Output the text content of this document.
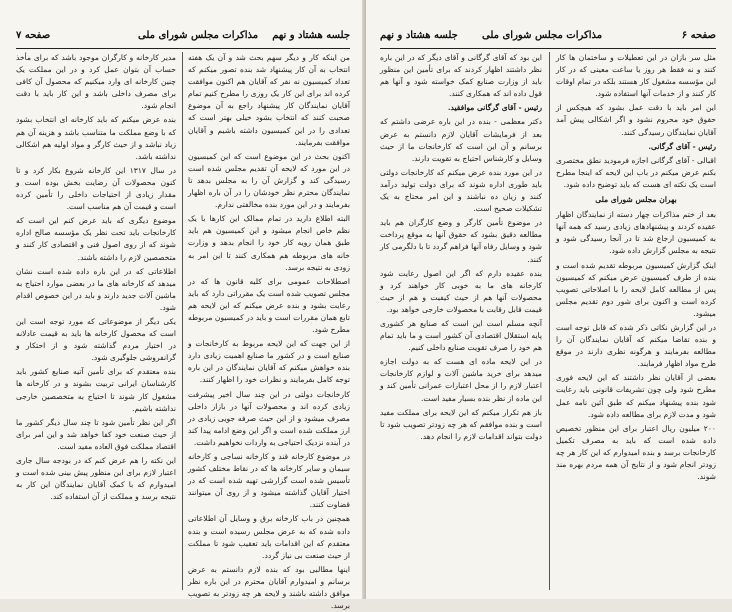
صفحه ۷	مذاکرات مجلس شورای ملی جلسه هشتاد و نهم

من اینکه کار و دیگر سهم بحث شد و آن یک هفته انتخاب به آن کار پیشنهاد شد بنده تصور میکنم که تعداد کمیسیون نه نفر که آقایان هم اکنون موافقت کرده اند برای این کار یک روزی را مطرح کنیم تمام آقایان نمایندگان کار پیشنهاد راجع به آن موضوع صحبت کنند که انتخاب بشود خیلی بهتر است که تعدادی را در این کمیسیون داشته باشیم و آقایان موافقت بفرمایند.

اکنون بحث در این موضوع است که این کمیسیون در این مورد که لایحه آن تقدیم مجلس شده است رسیدگی کند و گزارش آن را به مجلس بدهد تا نمایندگان محترم نظر خودشان را در آن باره اظهار بفرمایند و در این مورد بنده مخالفتی ندارم.

البته اطلاع دارید در تمام ممالک این کارها با یک نظم خاص انجام میشود و این کمیسیون هم باید طبق همان رویه کار خود را انجام بدهد و وزارت خانه های مربوطه هم همکاری کنند تا این امر به زودی به نتیجه برسد.

اصطلاحات عمومی برای کلیه قانون ها که در مجلس تصویب شده است یک مقرراتی دارد که باید رعایت بشود و بنده عرض میکنم که این لایحه هم تابع همان مقررات است و باید در کمیسیون مربوطه مطرح شود.

از این جهت که این لایحه مربوط به کارخانجات و صنایع است و در کشور ما صنایع اهمیت زیادی دارد بنده خواهش میکنم که آقایان نمایندگان در این باره توجه کامل بفرمایند و نظرات خود را اظهار کنند.

کارخانجات دولتی در این چند سال اخیر پیشرفت زیادی کرده اند و محصولات آنها در بازار داخلی مصرف میشود و از این حیث صرفه جویی زیادی در ارز مملکت شده است و اگر این وضع ادامه پیدا کند در آینده نزدیک احتیاجی به واردات نخواهیم داشت.

در موضوع کارخانه قند و کارخانه نساجی و کارخانه سیمان و سایر کارخانه ها که در نقاط مختلف کشور تأسیس شده است گزارشی تهیه شده است که در اختیار آقایان گذاشته میشود و از روی آن میتوانند قضاوت کنند.

همچنین در باب کارخانه برق و وسایل آن اطلاعاتی داده شده که به عرض مجلس رسیده است و بنده معتقدم که این اقدامات باید تعقیب شود تا مملکت از حیث صنعت بی نیاز گردد.

اینها مطالبی بود که بنده لازم دانستم به عرض برسانم و امیدوارم آقایان محترم در این باره نظر موافق داشته باشند و لایحه هر چه زودتر به تصویب برسد.

مدیر کارخانه و کارگران موجود باشد که برای مأخذ حساب آن بتوان عمل کرد و در این مملکت یک چنین کارخانه ای وارد میکنیم که محصول آن کافی برای مصرف داخلی باشد و این کار باید با دقت انجام شود.

بنده عرض میکنم که باید کارخانه ای انتخاب بشود که با وضع مملکت ما متناسب باشد و هزینه آن هم زیاد نباشد و از حیث کارگر و مواد اولیه هم اشکالی نداشته باشد.

در سال ۱۳۱۷ این کارخانه شروع بکار کرد و تا کنون محصولات آن رضایت بخش بوده است و مقدار زیادی از احتیاجات داخلی را تأمین کرده است و قیمت آن هم مناسب است.

موضوع دیگری که باید عرض کنم این است که کارخانجات باید تحت نظر یک مؤسسه صالح اداره شوند که از روی اصول فنی و اقتصادی کار کنند و متخصصین لازم را داشته باشند.

اطلاعاتی که در این باره داده شده است نشان میدهد که کارخانه های ما در بعضی موارد احتیاج به ماشین آلات جدید دارند و باید در این خصوص اقدام شود.

یکی دیگر از موضوعاتی که مورد توجه است این است که محصول کارخانه ها باید به قیمت عادلانه در اختیار مردم گذاشته شود و از احتکار و گرانفروشی جلوگیری شود.

بنده معتقدم که برای تأمین آتیه صنایع کشور باید کارشناسان ایرانی تربیت بشوند و در کارخانه ها مشغول کار شوند تا احتیاج به متخصصین خارجی نداشته باشیم.

اگر این نظر تأمین شود تا چند سال دیگر کشور ما از حیث صنعت خود کفا خواهد شد و این امر برای اقتصاد مملکت فوق العاده مفید است.

این نکته را هم عرض کنم که در بودجه سال جاری اعتبار لازم برای این منظور پیش بینی شده است و امیدوارم که با کمک آقایان نمایندگان این کار به نتیجه برسد و مملکت از آن استفاده کند.

جلسه هشتاد و نهم مذاکرات مجلس شورای ملی	صفحه ۶

مثل سر بازان در این تعطیلات و ساختمان ها کار کنند و نه فقط هر روز یا ساعت معینی که در کار این مؤسسه مشغول کار هستند بلکه در تمام اوقات کار کنند و از خدمات آنها استفاده شود.

این امر باید با دقت عمل بشود که هیچکس از حقوق خود محروم نشود و اگر اشکالی پیش آمد آقایان نمایندگان رسیدگی کنند.

رئیس - آقای گرگانی.

اقبالی - آقای گرگانی اجازه فرمودید نطق مختصری بکنم عرض میکنم در باب این لایحه که اینجا مطرح است یک نکته ای هست که باید توضیح داده شود.

بهران مجلس شورای ملی

بعد از ختم مذاکرات چهار دسته از نمایندگان اظهار عقیده کردند و پیشنهادهای زیادی رسید که همه آنها به کمیسیون ارجاع شد تا در آنجا رسیدگی شود و نتیجه به مجلس گزارش داده شود.

اینک گزارش کمیسیون مربوطه تقدیم شده است و بنده از طرف کمیسیون عرض میکنم که کمیسیون پس از مطالعه کامل لایحه را با اصلاحاتی تصویب کرده است و اکنون برای شور دوم تقدیم مجلس میشود.

در این گزارش نکاتی ذکر شده که قابل توجه است و بنده تقاضا میکنم که آقایان نمایندگان آن را مطالعه بفرمایند و هرگونه نظری دارند در موقع طرح مواد اظهار فرمایند.

بعضی از آقایان نظر داشتند که این لایحه فوری مطرح شود ولی چون تشریفات قانونی باید رعایت شود بنده پیشنهاد میکنم که طبق آئین نامه عمل شود و مدت لازم برای مطالعه داده شود.

۲۰۰ میلیون ریال اعتبار برای این منظور تخصیص داده شده است که باید به مصرف تکمیل کارخانجات برسد و بنده امیدوارم که این کار هر چه زودتر انجام شود و از نتایج آن همه مردم بهره مند شوند.

این بود که آقای گرگانی و آقای دیگر که در این باره نظر داشتند اظهار کردند که برای تأمین این منظور باید از وزارت صنایع کمک خواسته شود و آنها هم قول داده اند که همکاری کنند.

رئیس - آقای گرگانی موافقید.

دکتر معظمی - بنده در این باره عرضی داشتم که بعد از فرمایشات آقایان لازم دانستم به عرض برسانم و آن این است که کارخانجات ما از حیث وسایل و کارشناس احتیاج به تقویت دارند.

در این مورد بنده عرض میکنم که کارخانجات دولتی باید طوری اداره شوند که برای دولت تولید درآمد کنند و زیان ده نباشند و این امر محتاج به یک تشکیلات صحیح است.

در موضوع تأمین کارگر و وضع کارگران هم باید مطالعه دقیق بشود که حقوق آنها به موقع پرداخت شود و وسایل رفاه آنها فراهم گردد تا با دلگرمی کار کنند.

بنده عقیده دارم که اگر این اصول رعایت شود کارخانه های ما به خوبی کار خواهند کرد و محصولات آنها هم از حیث کیفیت و هم از حیث قیمت قابل رقابت با محصولات خارجی خواهد بود.

آنچه مسلم است این است که صنایع هر کشوری پایه استقلال اقتصادی آن کشور است و ما باید تمام هم خود را صرف تقویت صنایع داخلی کنیم.

در این لایحه ماده ای هست که به دولت اجازه میدهد برای خرید ماشین آلات و لوازم کارخانجات اعتبار لازم را از محل اعتبارات عمرانی تأمین کند و این ماده از نظر بنده بسیار مفید است.

باز هم تکرار میکنم که این لایحه برای مملکت مفید است و بنده موافقم که هر چه زودتر تصویب شود تا دولت بتواند اقدامات لازم را انجام دهد.
